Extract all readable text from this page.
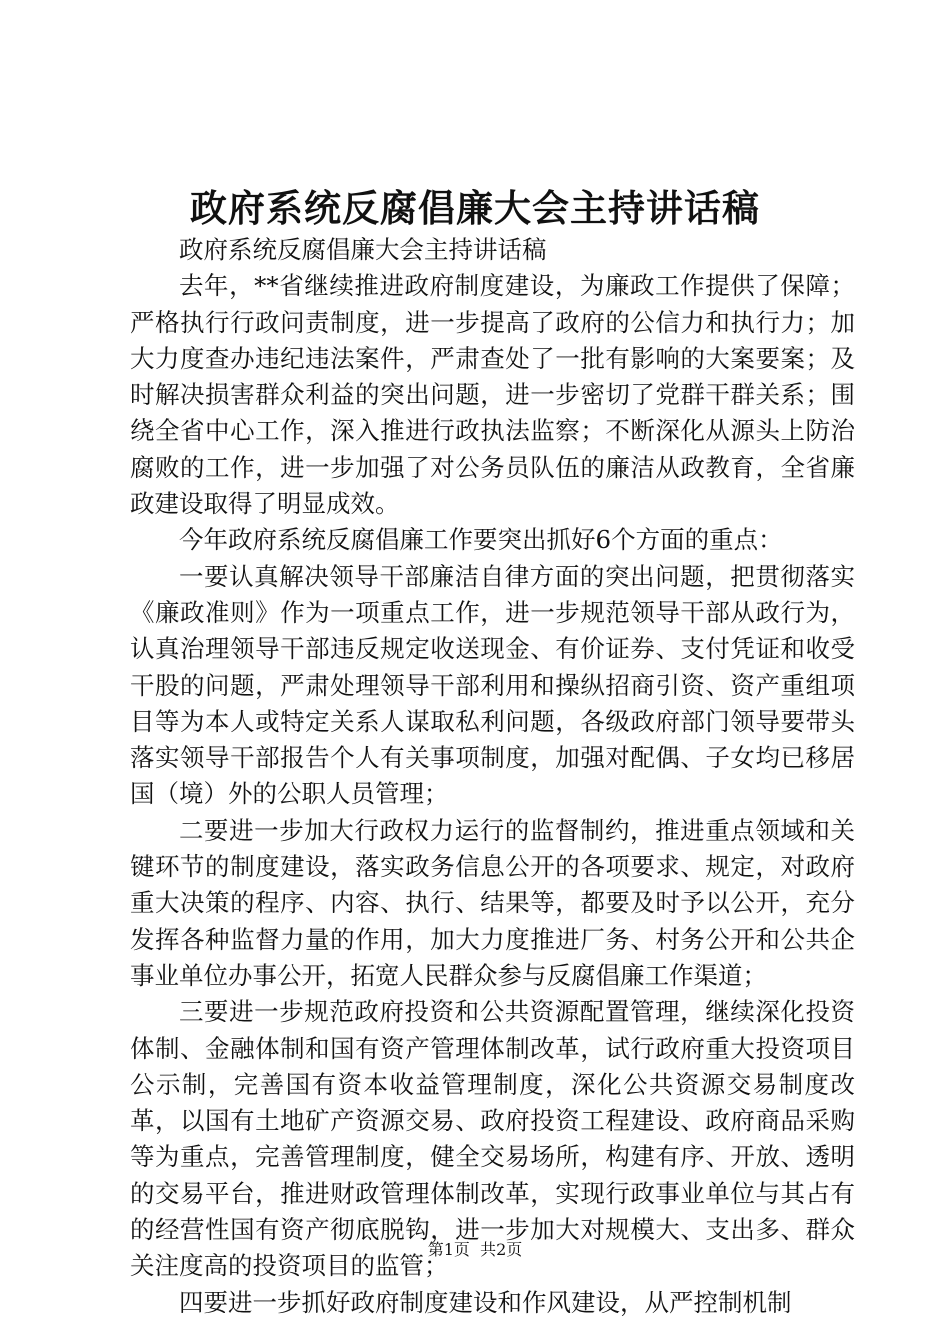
政府系统反腐倡廉大会主持讲话稿

政府系统反腐倡廉大会主持讲话稿

去年，**省继续推进政府制度建设，为廉政工作提供了保障；严格执行行政问责制度，进一步提高了政府的公信力和执行力；加大力度查办违纪违法案件，严肃查处了一批有影响的大案要案；及时解决损害群众利益的突出问题，进一步密切了党群干群关系；围绕全省中心工作，深入推进行政执法监察；不断深化从源头上防治腐败的工作，进一步加强了对公务员队伍的廉洁从政教育，全省廉政建设取得了明显成效。

今年政府系统反腐倡廉工作要突出抓好6个方面的重点：

一要认真解决领导干部廉洁自律方面的突出问题，把贯彻落实《廉政准则》作为一项重点工作，进一步规范领导干部从政行为，认真治理领导干部违反规定收送现金、有价证券、支付凭证和收受干股的问题，严肃处理领导干部利用和操纵招商引资、资产重组项目等为本人或特定关系人谋取私利问题，各级政府部门领导要带头落实领导干部报告个人有关事项制度，加强对配偶、子女均已移居国（境）外的公职人员管理；

二要进一步加大行政权力运行的监督制约，推进重点领域和关键环节的制度建设，落实政务信息公开的各项要求、规定，对政府重大决策的程序、内容、执行、结果等，都要及时予以公开，充分发挥各种监督力量的作用，加大力度推进厂务、村务公开和公共企事业单位办事公开，拓宽人民群众参与反腐倡廉工作渠道；

三要进一步规范政府投资和公共资源配置管理，继续深化投资体制、金融体制和国有资产管理体制改革，试行政府重大投资项目公示制，完善国有资本收益管理制度，深化公共资源交易制度改革，以国有土地矿产资源交易、政府投资工程建设、政府商品采购等为重点，完善管理制度，健全交易场所，构建有序、开放、透明的交易平台，推进财政管理体制改革，实现行政事业单位与其占有的经营性国有资产彻底脱钩，进一步加大对规模大、支出多、群众关注度高的投资项目的监管；

四要进一步抓好政府制度建设和作风建设，从严控制机制

第1页  共2页
